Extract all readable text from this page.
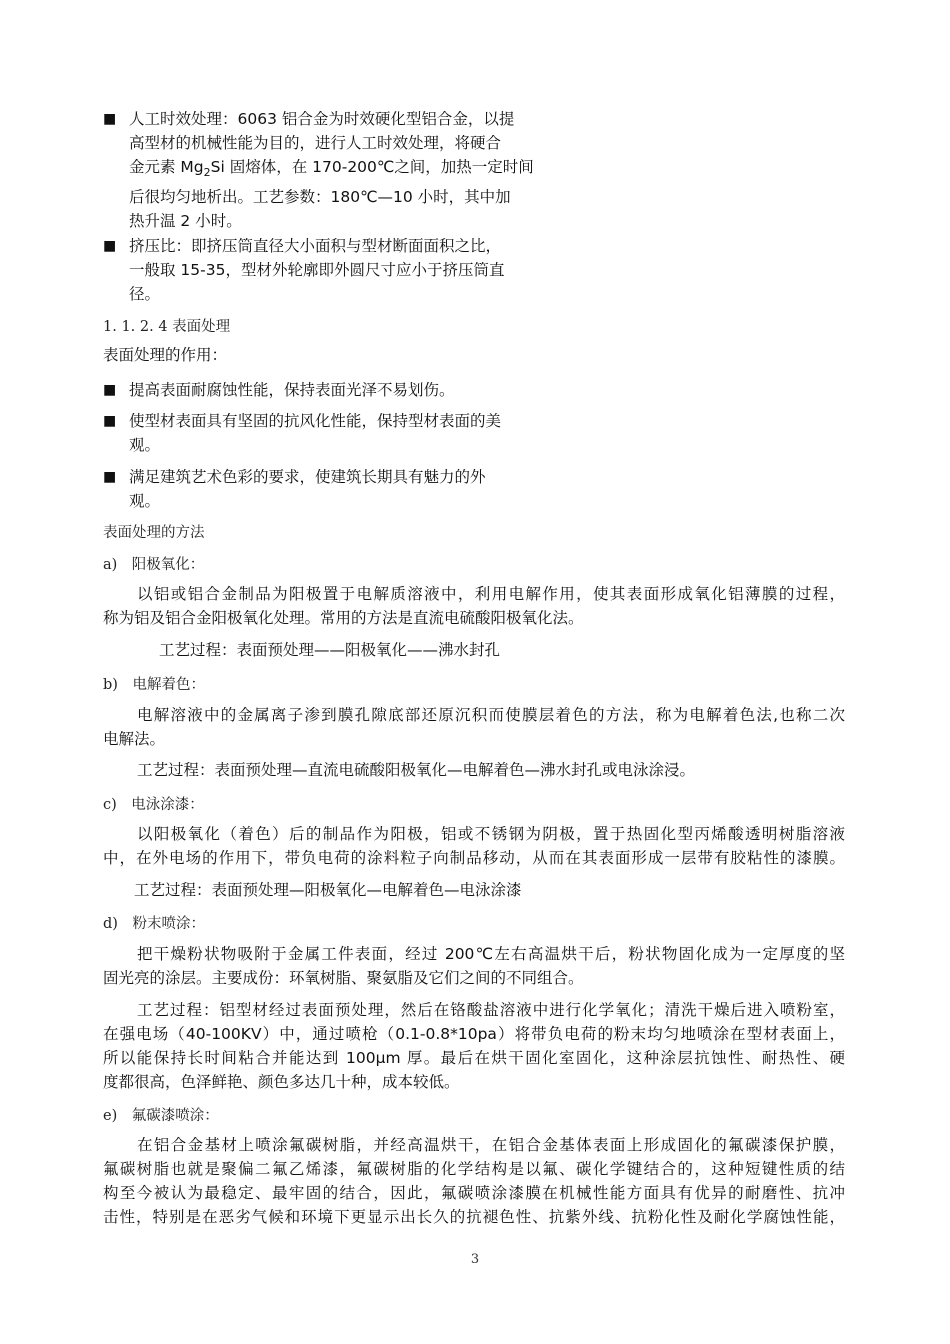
■ 人工时效处理：6063 铝合金为时效硬化型铝合金，以提
高型材的机械性能为目的，进行人工时效处理，将硬合
金元素 $Mg_2Si$ 固熔体，在 170-200℃之间，加热一定时间
后很均匀地析出。工艺参数：180℃—10 小时，其中加
热升温 2 小时。
■ 挤压比：即挤压筒直径大小面积与型材断面面积之比，
一般取 15-35，型材外轮廓即外圆尺寸应小于挤压筒直
径。
1. 1. 2. 4 表面处理
表面处理的作用：
■ 提高表面耐腐蚀性能，保持表面光泽不易划伤。
■ 使型材表面具有坚固的抗风化性能，保持型材表面的美
观。
■ 满足建筑艺术色彩的要求，使建筑长期具有魅力的外
观。
表面处理的方法
a)　阳极氧化：
以铝或铝合金制品为阳极置于电解质溶液中，利用电解作用，使其表面形成氧化铝薄膜的过程，
称为铝及铝合金阳极氧化处理。常用的方法是直流电硫酸阳极氧化法。
工艺过程：表面预处理——阳极氧化——沸水封孔
b)　电解着色：
电解溶液中的金属离子渗到膜孔隙底部还原沉积而使膜层着色的方法，称为电解着色法,也称二次
电解法。
工艺过程：表面预处理—直流电硫酸阳极氧化—电解着色—沸水封孔或电泳涂浸。
c)　电泳涂漆：
以阳极氧化（着色）后的制品作为阳极，铝或不锈钢为阴极，置于热固化型丙烯酸透明树脂溶液
中，在外电场的作用下，带负电荷的涂料粒子向制品移动，从而在其表面形成一层带有胶粘性的漆膜。
工艺过程：表面预处理—阳极氧化—电解着色—电泳涂漆
d)　粉末喷涂：
把干燥粉状物吸附于金属工件表面，经过 200℃左右高温烘干后，粉状物固化成为一定厚度的坚
固光亮的涂层。主要成份：环氧树脂、聚氨脂及它们之间的不同组合。
工艺过程：铝型材经过表面预处理，然后在铬酸盐溶液中进行化学氧化；清洗干燥后进入喷粉室，
在强电场（40-100KV）中，通过喷枪（0.1-0.8*10pa）将带负电荷的粉末均匀地喷涂在型材表面上，
所以能保持长时间粘合并能达到 100μm 厚。最后在烘干固化室固化，这种涂层抗蚀性、耐热性、硬
度都很高，色泽鲜艳、颜色多达几十种，成本较低。
e)　氟碳漆喷涂：
在铝合金基材上喷涂氟碳树脂，并经高温烘干，在铝合金基体表面上形成固化的氟碳漆保护膜，
氟碳树脂也就是聚偏二氟乙烯漆，氟碳树脂的化学结构是以氟、碳化学键结合的，这种短键性质的结
构至今被认为最稳定、最牢固的结合，因此，氟碳喷涂漆膜在机械性能方面具有优异的耐磨性、抗冲
击性，特别是在恶劣气候和环境下更显示出长久的抗褪色性、抗紫外线、抗粉化性及耐化学腐蚀性能，
3
